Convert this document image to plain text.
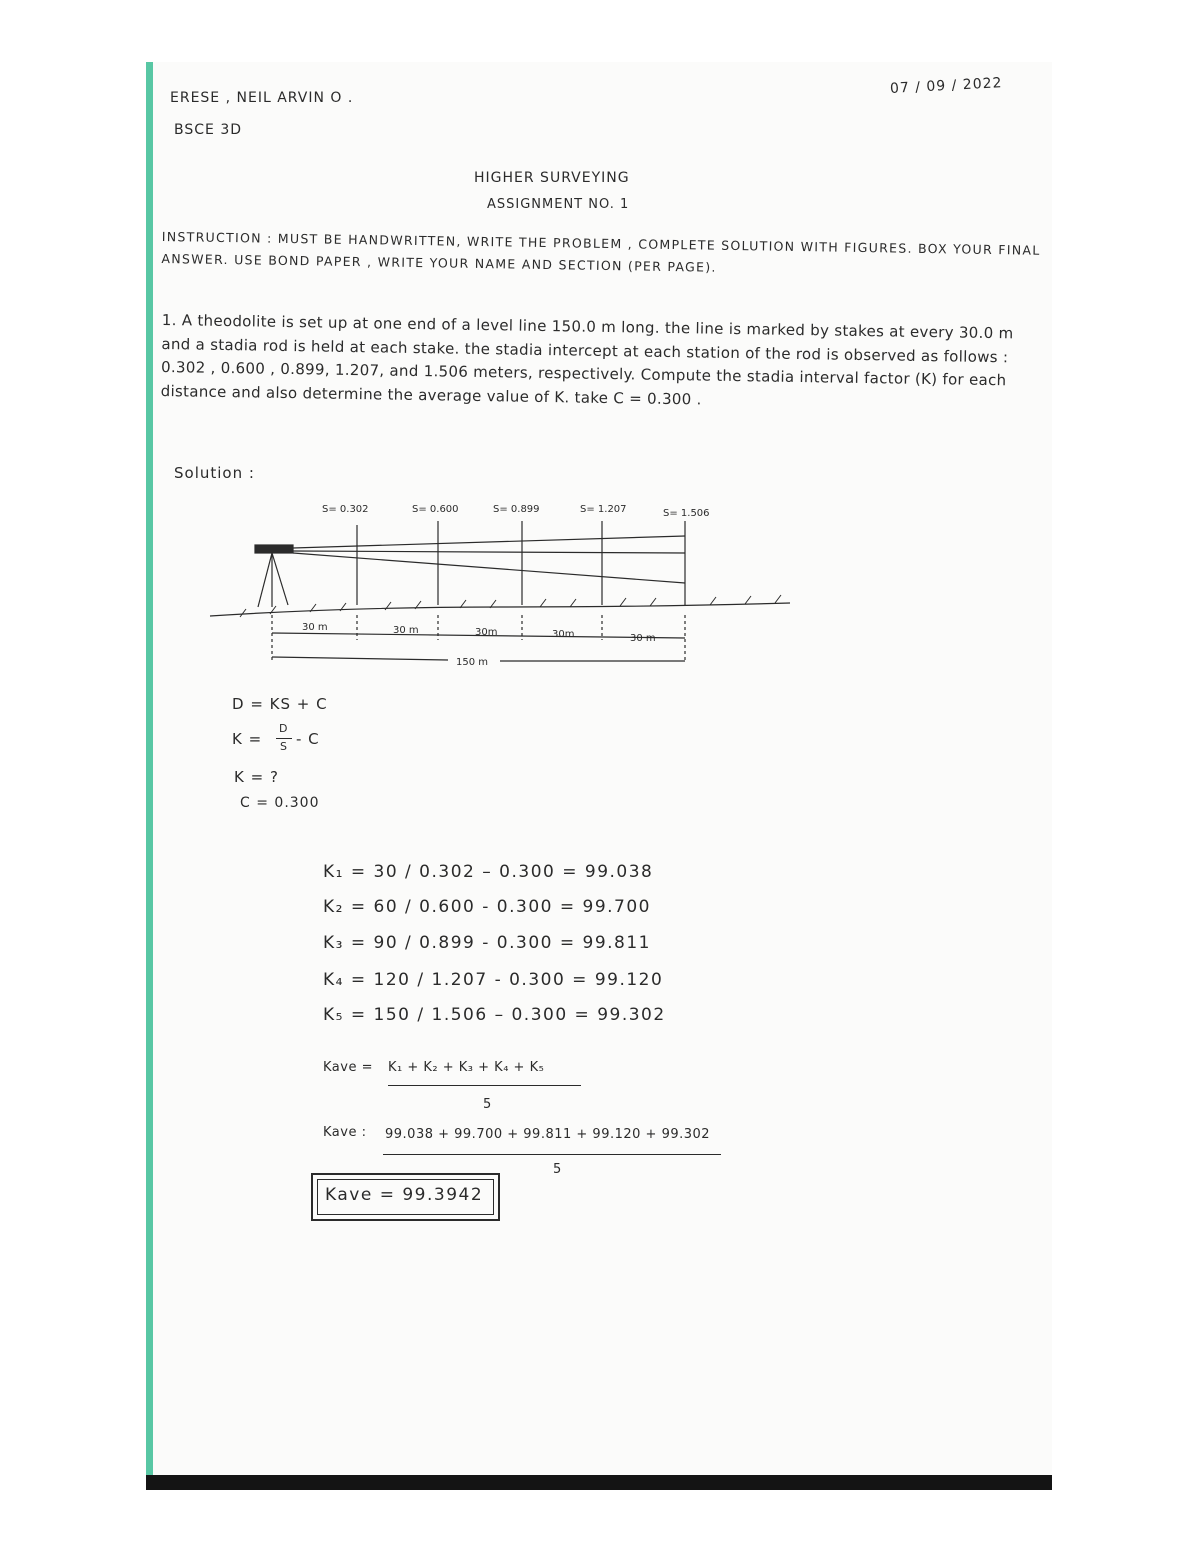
ERESE , NEIL ARVIN O .
BSCE 3D
07 / 09 / 2022
HIGHER SURVEYING
ASSIGNMENT NO. 1
INSTRUCTION : MUST BE HANDWRITTEN, WRITE THE PROBLEM , COMPLETE SOLUTION WITH FIGURES. BOX YOUR FINAL ANSWER. USE BOND PAPER , WRITE YOUR NAME AND SECTION (PER PAGE).
1. A theodolite is set up at one end of a level line 150.0 m long. the line is marked by stakes at every 30.0 m and a stadia rod is held at each stake. the stadia intercept at each station of the rod is observed as follows : 0.302 , 0.600 , 0.899, 1.207, and 1.506 meters, respectively. Compute the stadia interval factor (K) for each distance and also determine the average value of K. take C = 0.300 .
Solution :
S= 0.302	S= 0.600	S= 0.899	S= 1.207	S= 1.506
30 m	30 m	30m	30m	30 m
150 m
D = KS + C
K =
D
S - C
K = ?
C = 0.300
K₁ = 30 / 0.302 – 0.300 = 99.038
K₂ = 60 / 0.600 - 0.300 = 99.700
K₃ = 90 / 0.899 - 0.300 = 99.811
K₄ = 120 / 1.207 - 0.300 = 99.120
K₅ = 150 / 1.506 – 0.300 = 99.302
Kave = K₁ + K₂ + K₃ + K₄ + K₅
5
Kave : 99.038 + 99.700 + 99.811 + 99.120 + 99.302
5
Kave = 99.3942
